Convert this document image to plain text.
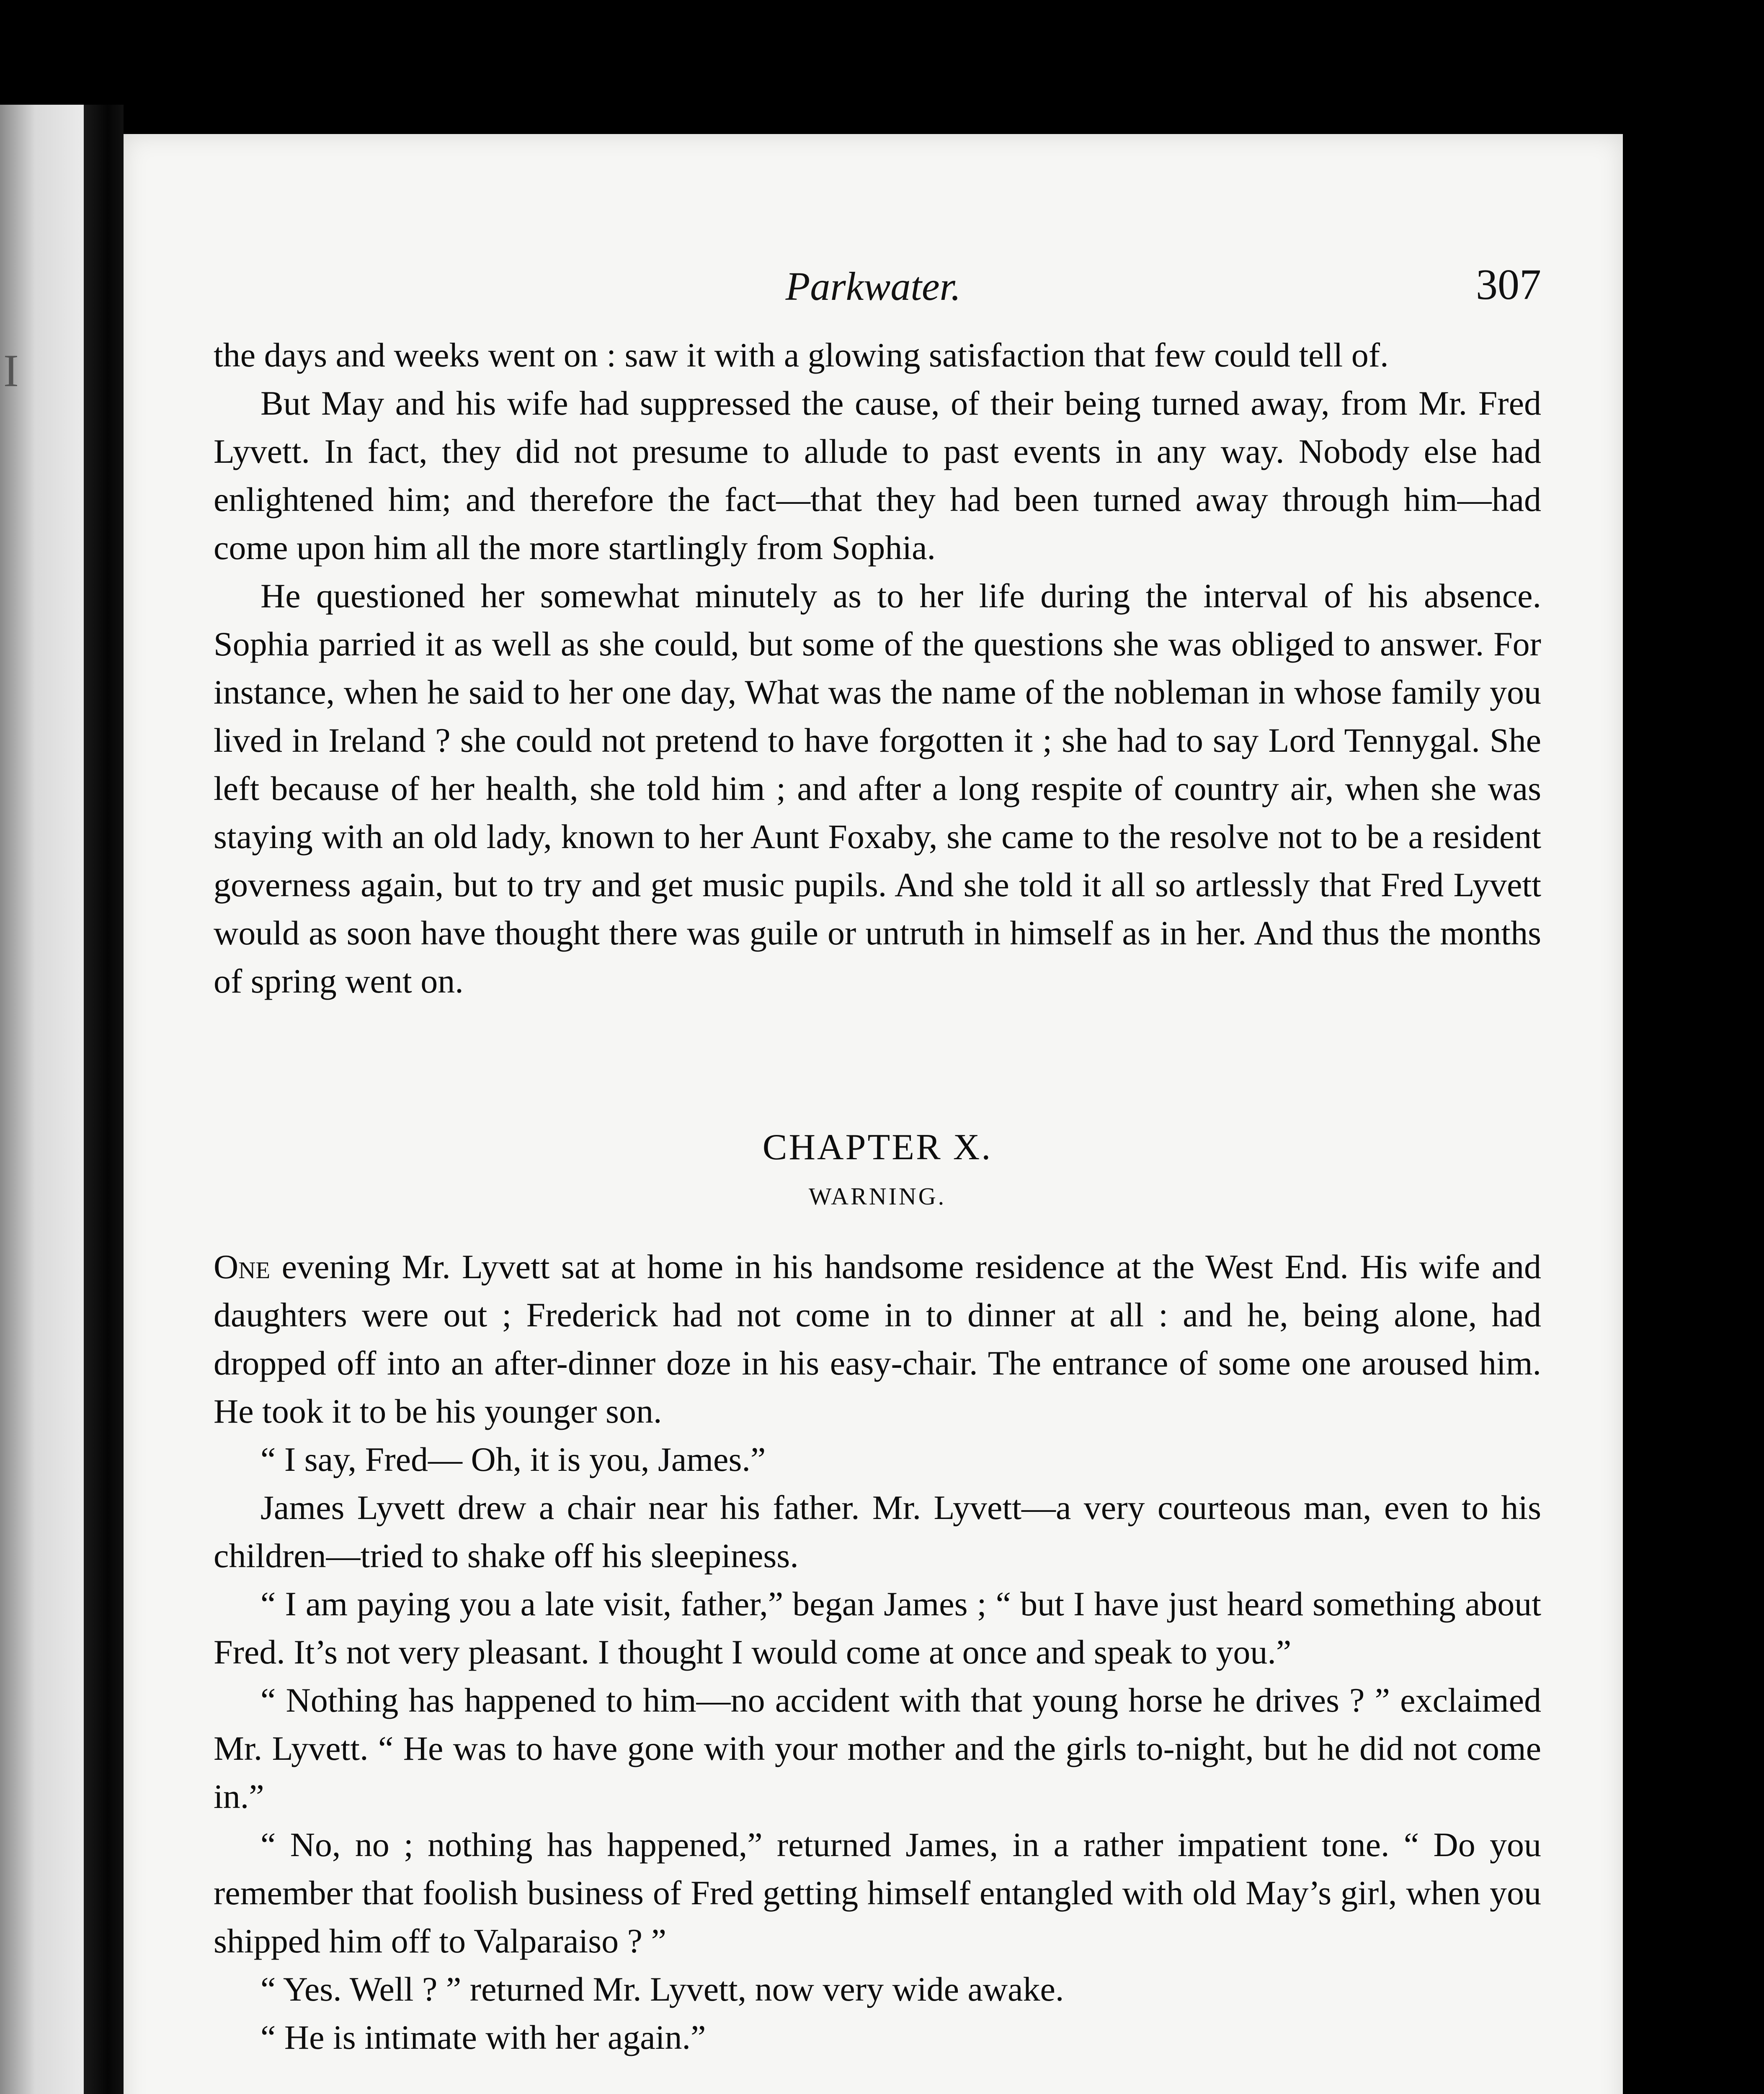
I
Parkwater.	307

the days and weeks went on : saw it with a glowing satisfaction that few could tell of.

But May and his wife had suppressed the cause, of their being turned away, from Mr. Fred Lyvett. In fact, they did not presume to allude to past events in any way. Nobody else had enlightened him; and therefore the fact—that they had been turned away through him—had come upon him all the more startlingly from Sophia.

He questioned her somewhat minutely as to her life during the interval of his absence. Sophia parried it as well as she could, but some of the questions she was obliged to answer. For instance, when he said to her one day, What was the name of the nobleman in whose family you lived in Ireland ? she could not pretend to have forgotten it ; she had to say Lord Tennygal. She left because of her health, she told him ; and after a long respite of country air, when she was staying with an old lady, known to her Aunt Foxaby, she came to the resolve not to be a resident governess again, but to try and get music pupils. And she told it all so artlessly that Fred Lyvett would as soon have thought there was guile or untruth in himself as in her. And thus the months of spring went on.

CHAPTER X.
WARNING.

One evening Mr. Lyvett sat at home in his handsome residence at the West End. His wife and daughters were out ; Frederick had not come in to dinner at all : and he, being alone, had dropped off into an after-dinner doze in his easy-chair. The entrance of some one aroused him. He took it to be his younger son.

“ I say, Fred— Oh, it is you, James.”

James Lyvett drew a chair near his father. Mr. Lyvett—a very courteous man, even to his children—tried to shake off his sleepiness.

“ I am paying you a late visit, father,” began James ; “ but I have just heard something about Fred. It’s not very pleasant. I thought I would come at once and speak to you.”

“ Nothing has happened to him—no accident with that young horse he drives ? ” exclaimed Mr. Lyvett. “ He was to have gone with your mother and the girls to-night, but he did not come in.”

“ No, no ; nothing has happened,” returned James, in a rather impatient tone. “ Do you remember that foolish business of Fred getting himself entangled with old May’s girl, when you shipped him off to Valparaiso ? ”

“ Yes. Well ? ” returned Mr. Lyvett, now very wide awake.

“ He is intimate with her again.”
